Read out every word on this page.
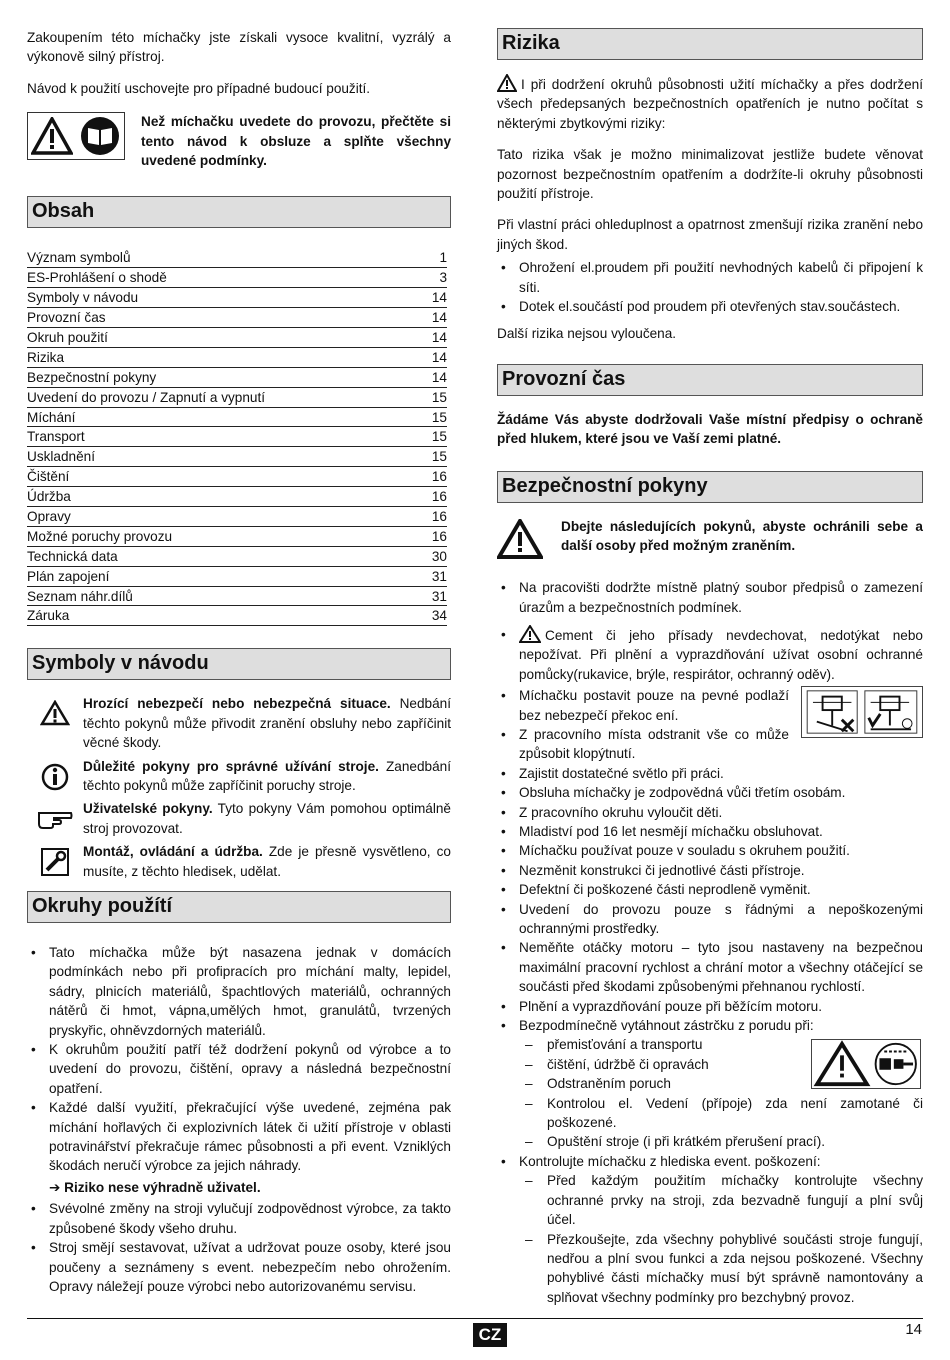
Zakoupením této míchačky jste získali vysoce kvalitní, vyzrálý a výkonově silný přístroj.

Návod k použití uschovejte pro případné budoucí použití.

Než míchačku uvedete do provozu, přečtěte si tento návod k obsluze a splňte všechny uvedené podmínky.

Obsah
Význam symbolů	1
ES-Prohlášení o shodě	3
Symboly v návodu	14
Provozní čas	14
Okruh použití	14
Rizika	14
Bezpečnostní pokyny	14
Uvedení do provozu / Zapnutí a vypnutí	15
Míchání	15
Transport	15
Uskladnění	15
Čištění	16
Údržba	16
Opravy	16
Možné poruchy provozu	16
Technická data	30
Plán zapojení	31
Seznam náhr.dílů	31
Záruka	34
Symboly v návodu
Hrozící nebezpečí nebo nebezpečná situace. Nedbání těchto pokynů může přivodit zranění obsluhy nebo zapříčinit věcné škody.
Důležité pokyny pro správné užívání stroje. Zanedbání těchto pokynů může zapříčinit poruchy stroje.
Uživatelské pokyny. Tyto pokyny Vám pomohou optimálně stroj provozovat.
Montáž, ovládání a údržba. Zde je přesně vysvětleno, co musíte, z těchto hledisek, udělat.
Okruhy použítí
• Tato míchačka může být nasazena jednak v domácích podmínkách nebo při profipracích pro míchání malty, lepidel, sádry, plnicích materiálů, špachtlových materiálů, ochranných nátěrů či hmot, vápna,umělých hmot, granulátů, tvrzených pryskyřic, ohněvzdorných materiálů.
• K okruhům použití patří též dodržení pokynů od výrobce a to uvedení do provozu, čištění, opravy a následná bezpečnostní opatření.
• Každé další využití, překračující výše uvedené, zejména pak míchání hořlavých či explozivních látek či užití přístroje v oblasti potravinářství překračuje rámec působnosti a při event. Vzniklých škodách neručí výrobce za jejich náhrady.
➔ Riziko nese výhradně uživatel.
• Svévolné změny na stroji vylučují zodpovědnost výrobce, za takto způsobené škody všeho druhu.
• Stroj smějí sestavovat, užívat a udržovat pouze osoby, které jsou poučeny a seznámeny s event. nebezpečím nebo ohrožením. Opravy náležejí pouze výrobci nebo autorizovanému servisu.
Rizika

I při dodržení okruhů působnosti užití míchačky a přes dodržení všech předepsaných bezpečnostních opatřeních je nutno počítat s některými zbytkovými riziky:

Tato rizika však je možno minimalizovat jestliže budete věnovat pozornost bezpečnostním opatřením a dodržíte-li okruhy působnosti použití přístroje.

Při vlastní práci ohleduplnost a opatrnost zmenšují rizika zranění nebo jiných škod.

• Ohrožení el.proudem při použití nevhodných kabelů či připojení k síti.
• Dotek el.součástí pod proudem při otevřených stav.součástech.

Další rizika nejsou vyloučena.

Provozní čas

Žádáme Vás abyste dodržovali Vaše místní předpisy o ochraně před hlukem, které jsou ve Vaší zemi platné.

Bezpečnostní pokyny

Dbejte následujících pokynů, abyste ochránili sebe a další osoby před možným zraněním.

• Na pracovišti dodržte místně platný soubor předpisů o zamezení úrazům a bezpečnostních podmínek.
• Cement či jeho přísady nevdechovat, nedotýkat nebo nepožívat. Při plnění a vyprazdňování užívat osobní ochranné pomůcky(rukavice, brýle, respirátor, ochranný oděv).
• Míchačku postavit pouze na pevné podlaží bez nebezpečí překoc ení.
• Z pracovního místa odstranit vše co může způsobit klopýtnutí.
• Zajistit dostatečné světlo při práci.
• Obsluha míchačky je zodpovědná vůči třetím osobám.
• Z pracovního okruhu vyloučit děti.
• Mladiství pod 16 let nesmějí míchačku obsluhovat.
• Míchačku používat pouze v souladu s okruhem použití.
• Nezměnit konstrukci či jednotlivé části přístroje.
• Defektní či poškozené části neprodleně vyměnit.
• Uvedení do provozu pouze s řádnými a nepoškozenými ochrannými prostředky.
• Neměňte otáčky motoru – tyto jsou nastaveny na bezpečnou maximální pracovní rychlost a chrání motor a všechny otáčející se součásti před škodami způsobenými přehnanou rychlostí.
• Plnění a vyprazdňování pouze při běžícím motoru.
• Bezpodmínečně vytáhnout zástrčku z porudu při:
– přemisťování a transportu
– čištění, údržbě či opravách
– Odstraněním poruch
– Kontrolou el. Vedení (přípoje) zda není zamotané či poškozené.
– Opuštění stroje (i při krátkém přerušení prací).
• Kontrolujte míchačku z hlediska event. poškození:
– Před každým použitím míchačky kontrolujte všechny ochranné prvky na stroji, zda bezvadně fungují a plní svůj účel.
– Přezkoušejte, zda všechny pohyblivé součásti stroje fungují, nedřou a plní svou funkci a zda nejsou poškozené. Všechny pohyblivé části míchačky musí být správně namontovány a splňovat všechny podmínky pro bezchybný provoz.
CZ	14
